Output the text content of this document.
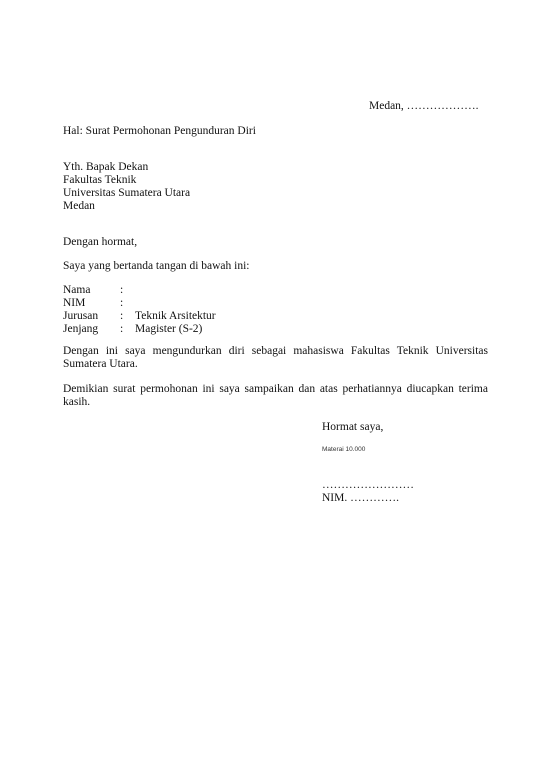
Medan, ……………….
Hal: Surat Permohonan Pengunduran Diri
Yth. Bapak Dekan
Fakultas Teknik
Universitas Sumatera Utara
Medan
Dengan hormat,
Saya yang bertanda tangan di bawah ini:
Nama	:
NIM	:
Jurusan : Teknik Arsitektur
Jenjang : Magister (S-2)
Dengan ini saya mengundurkan diri sebagai mahasiswa Fakultas Teknik Universitas Sumatera Utara.
Demikian surat permohonan ini saya sampaikan dan atas perhatiannya diucapkan terima kasih.
Hormat saya,
Materai 10.000
……………………
NIM. ………….
